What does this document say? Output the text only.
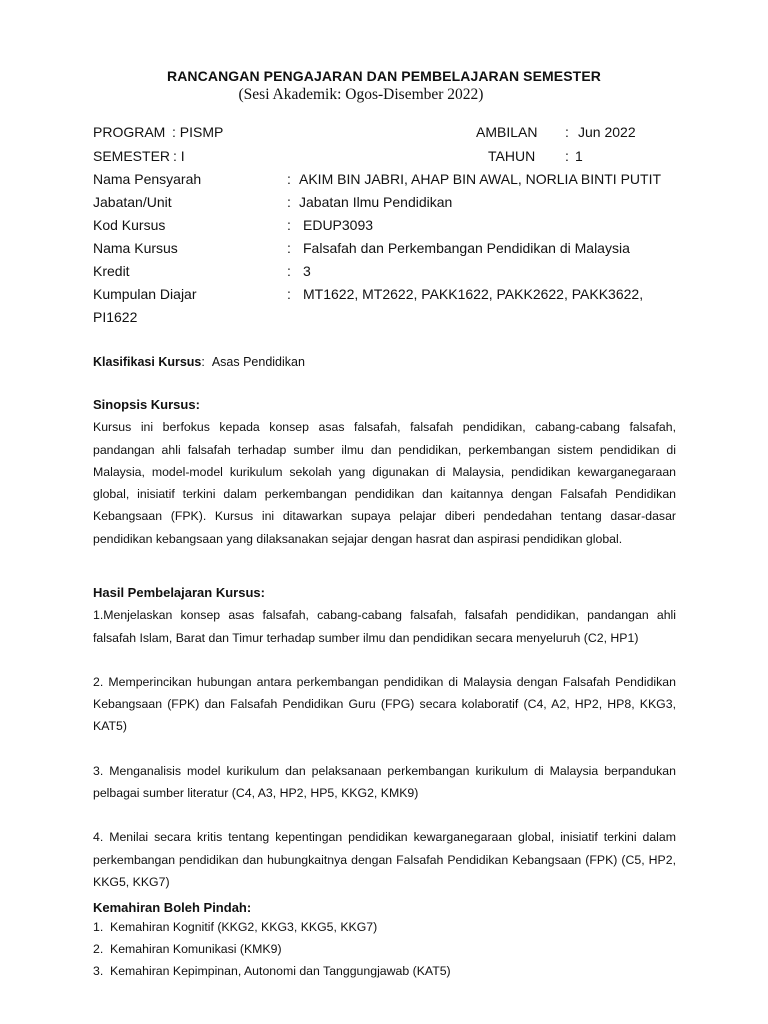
RANCANGAN PENGAJARAN DAN PEMBELAJARAN SEMESTER
(Sesi Akademik: Ogos-Disember 2022)
PROGRAM : PISMP	AMBILAN : Jun 2022
SEMESTER : I	TAHUN : 1
Nama Pensyarah	: AKIM BIN JABRI, AHAP BIN AWAL, NORLIA BINTI PUTIT
Jabatan/Unit	: Jabatan Ilmu Pendidikan
Kod Kursus	: EDUP3093
Nama Kursus	: Falsafah dan Perkembangan Pendidikan di Malaysia
Kredit	: 3
Kumpulan Diajar	: MT1622, MT2622, PAKK1622, PAKK2622, PAKK3622,
PI1622
Klasifikasi Kursus: Asas Pendidikan
Sinopsis Kursus:

Kursus ini berfokus kepada konsep asas falsafah, falsafah pendidikan, cabang-cabang falsafah, pandangan ahli falsafah terhadap sumber ilmu dan pendidikan, perkembangan sistem pendidikan di Malaysia, model-model kurikulum sekolah yang digunakan di Malaysia, pendidikan kewarganegaraan global, inisiatif terkini dalam perkembangan pendidikan dan kaitannya dengan Falsafah Pendidikan Kebangsaan (FPK). Kursus ini ditawarkan supaya pelajar diberi pendedahan tentang dasar-dasar pendidikan kebangsaan yang dilaksanakan sejajar dengan hasrat dan aspirasi pendidikan global.

Hasil Pembelajaran Kursus:

1.Menjelaskan konsep asas falsafah, cabang-cabang falsafah, falsafah pendidikan, pandangan ahli falsafah Islam, Barat dan Timur terhadap sumber ilmu dan pendidikan secara menyeluruh (C2, HP1)

2. Memperincikan hubungan antara perkembangan pendidikan di Malaysia dengan Falsafah Pendidikan Kebangsaan (FPK) dan Falsafah Pendidikan Guru (FPG) secara kolaboratif (C4, A2, HP2, HP8, KKG3, KAT5)

3. Menganalisis model kurikulum dan pelaksanaan perkembangan kurikulum di Malaysia berpandukan pelbagai sumber literatur (C4, A3, HP2, HP5, KKG2, KMK9)

4. Menilai secara kritis tentang kepentingan pendidikan kewarganegaraan global, inisiatif terkini dalam perkembangan pendidikan dan hubungkaitnya dengan Falsafah Pendidikan Kebangsaan (FPK) (C5, HP2, KKG5, KKG7)

Kemahiran Boleh Pindah:
1. Kemahiran Kognitif (KKG2, KKG3, KKG5, KKG7)
2. Kemahiran Komunikasi (KMK9)
3. Kemahiran Kepimpinan, Autonomi dan Tanggungjawab (KAT5)
